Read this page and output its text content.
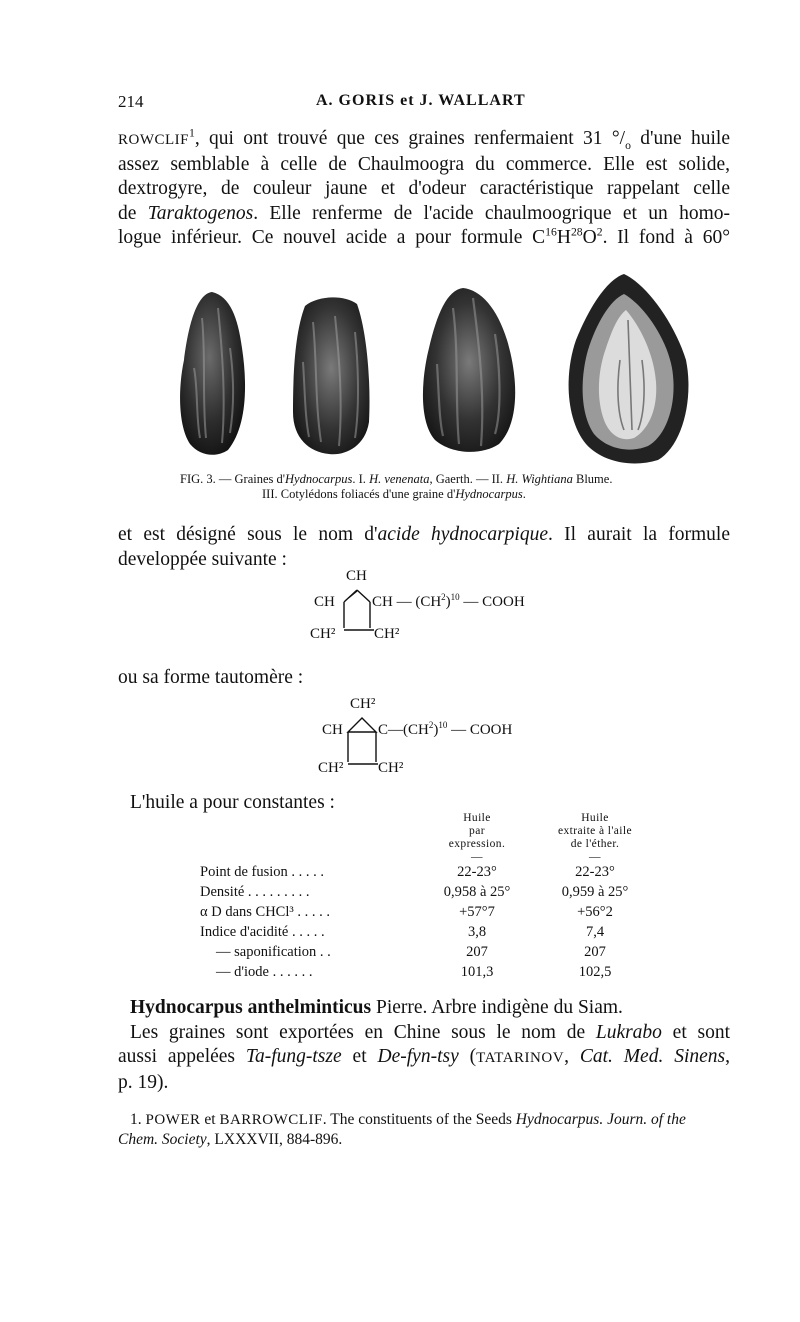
214	A. GORIS et J. WALLART
ROWCLIF$^1$, qui ont trouvé que ces graines renfermaient 31 $^\circ/_o$ d'une huile
assez semblable à celle de Chaulmoogra du commerce. Elle est solide,
dextrogyre, de couleur jaune et d'odeur caractéristique rappelant celle
de Taraktogenos. Elle renferme de l'acide chaulmoogrique et un homo-
logue inférieur. Ce nouvel acide a pour formule $C^{16}H^{28}O^2$. Il fond à 60°
FIG. 3. — Graines d'Hydnocarpus. I. H. venenata, Gaerth. — II. H. Wightiana Blume.
III. Cotylédons foliacés d'une graine d'Hydnocarpus.
et est désigné sous le nom d'acide hydnocarpique. Il aurait la formule
developpée suivante :
CH
CH CH — $(CH^2)^{10}$ — COOH
CH²	CH²
ou sa forme tautomère :
CH²
CH $C—(CH^2)^{10}$ — COOH
CH² CH²
L'huile a pour constantes :
Huile
par
expression.
—
Huile
extraite à l'aile
de l'éther.
—
Point de fusion . . . . .	22-23°	22-23°
Densité . . . . . . . . .	0,958 à 25°	0,959 à 25°
α D dans CHCl³ . . . . .	+57°7	+56°2
Indice d'acidité . . . . .	3,8	7,4
— saponification . .	207	207
— d'iode . . . . . .	101,3	102,5
Hydnocarpus anthelminticus Pierre. Arbre indigène du Siam.
Les graines sont exportées en Chine sous le nom de Lukrabo et sont
aussi appelées Ta-fung-tsze et De-fyn-tsy (TATARINOV, Cat. Med. Sinens,
p. 19).
1. POWER et BARROWCLIF. The constituents of the Seeds Hydnocarpus. Journ. of the
Chem. Society, LXXXVII, 884-896.
